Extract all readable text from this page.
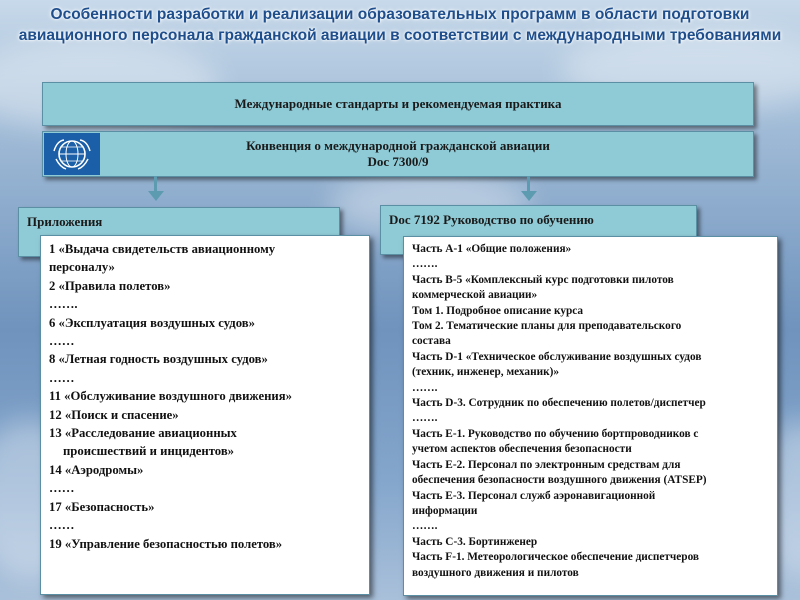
Особенности разработки и реализации образовательных программ в области подготовки
авиационного персонала гражданской авиации в соответствии с международными требованиями
Международные стандарты и рекомендуемая практика
Конвенция о международной гражданской авиации
Doc 7300/9
Приложения	Doc 7192 Руководство по обучению
1 «Выдача свидетельств авиационному
персоналу»
2 «Правила полетов»
…….
6 «Эксплуатация воздушных судов»
……
8 «Летная годность воздушных судов»
……
11 «Обслуживание воздушного движения»
12 «Поиск и спасение»
13 «Расследование авиационных
происшествий и инцидентов»
14 «Аэродромы»
……
17 «Безопасность»
……
19 «Управление безопасностью полетов»
Часть А-1 «Общие положения»
…….
Часть В-5 «Комплексный курс подготовки пилотов
коммерческой авиации»
Том 1. Подробное описание курса
Том 2. Тематические планы для преподавательского
состава
Часть D-1 «Техническое обслуживание воздушных судов
(техник, инженер, механик)»
…….
Часть D-3. Сотрудник по обеспечению полетов/диспетчер
…….
Часть Е-1. Руководство по обучению бортпроводников с
учетом аспектов обеспечения безопасности
Часть Е-2. Персонал по электронным средствам для
обеспечения безопасности воздушного движения (ATSEP)
Часть Е-3. Персонал служб аэронавигационной
информации
…….
Часть С-3. Бортинженер
Часть F-1. Метеорологическое обеспечение диспетчеров
воздушного движения и пилотов
